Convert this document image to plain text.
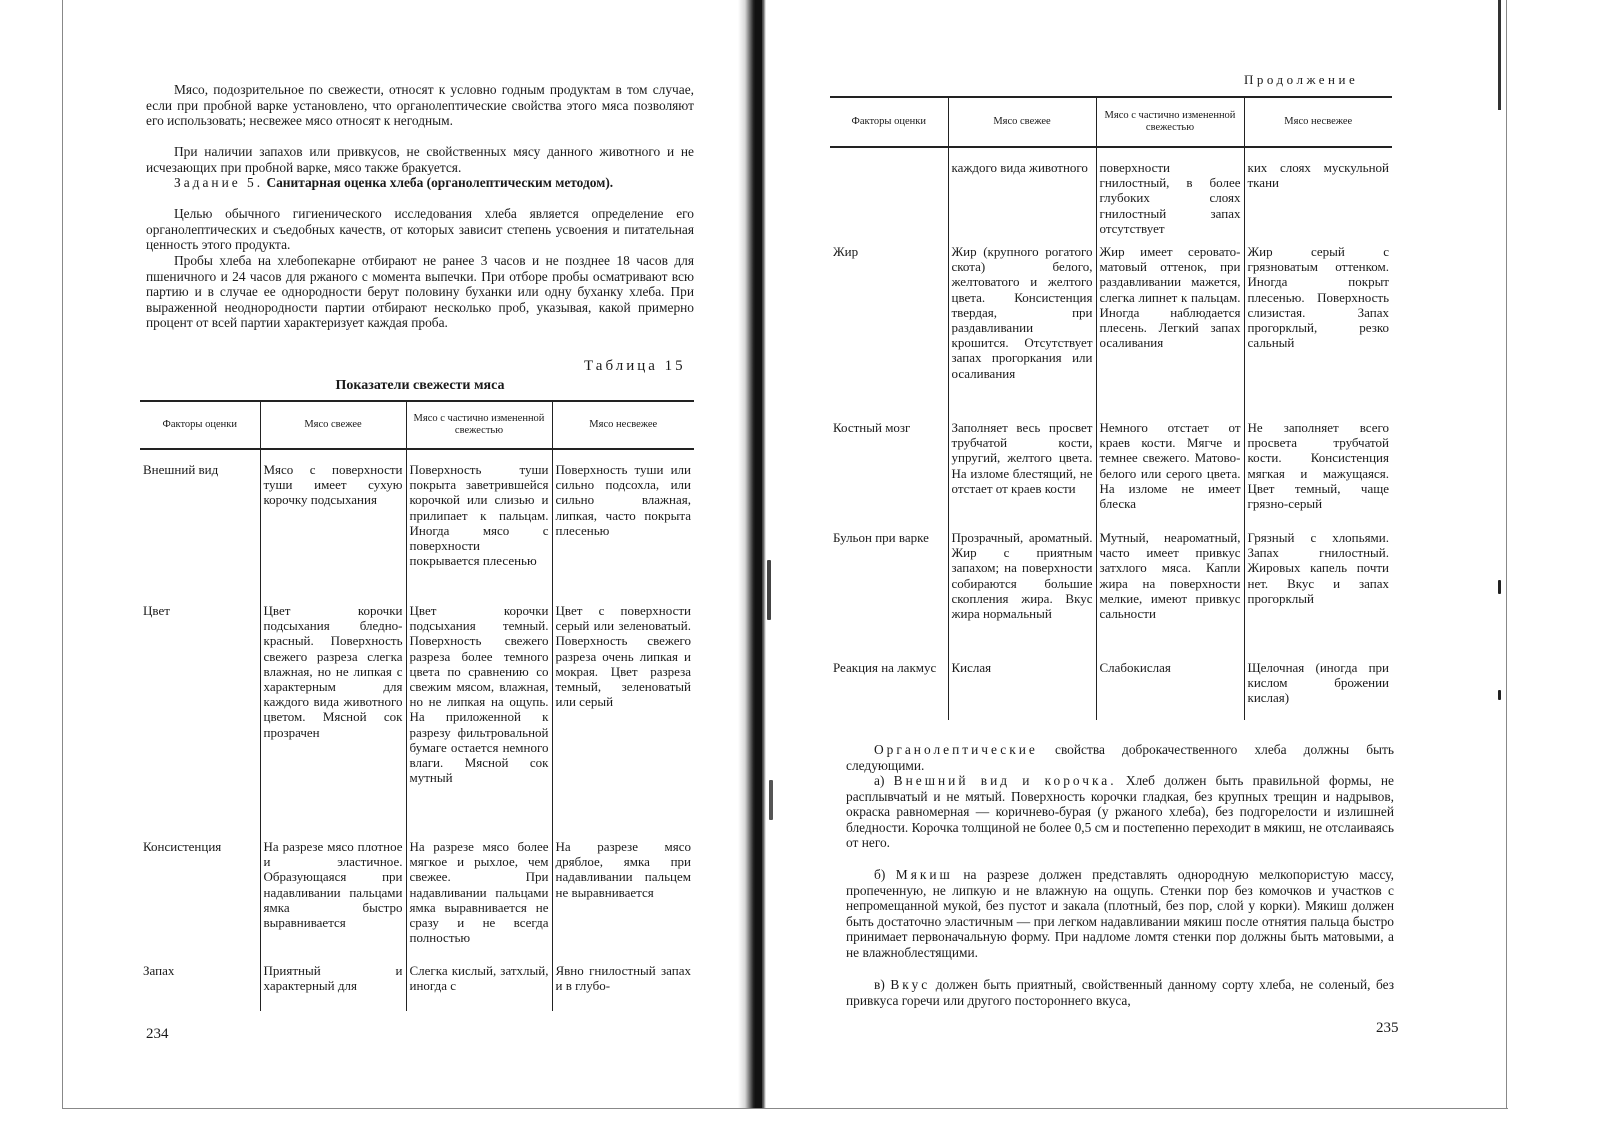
Мясо, подозрительное по свежести, относят к условно годным продуктам в том случае, если при пробной варке установлено, что органолептические свойства этого мяса позволяют его использовать; несвежее мясо относят к негодным.

При наличии запахов или привкусов, не свойственных мясу данного животного и не исчезающих при пробной варке, мясо также бракуется.

Задание 5. Санитарная оценка хлеба (органолептическим методом).

Целью обычного гигиенического исследования хлеба является определение его органолептических и съедобных качеств, от которых зависит степень усвоения и питательная ценность этого продукта.

Пробы хлеба на хлебопекарне отбирают не ранее 3 часов и не позднее 18 часов для пшеничного и 24 часов для ржаного с момента выпечки. При отборе пробы осматривают всю партию и в случае ее однородности берут половину буханки или одну буханку хлеба. При выраженной неоднородности партии отбирают несколько проб, указывая, какой примерно процент от всей партии характеризует каждая проба.

Таблица 15
Показатели свежести мяса
Факторы оценки	Мясо свежее	Мясо с частично измененной свежестью	Мясо несвежее
Внешний вид	Мясо с поверхности туши имеет сухую корочку подсыхания	Поверхность туши покрыта заветрившейся корочкой или слизью и прилипает к пальцам. Иногда мясо с поверхности покрывается плесенью	Поверхность туши или сильно подсохла, или сильно влажная, липкая, часто покрыта плесенью
Цвет	Цвет корочки подсыхания бледно-красный. Поверхность свежего разреза слегка влажная, но не липкая с характерным для каждого вида животного цветом. Мясной сок прозрачен	Цвет корочки подсыхания темный. Поверхность свежего разреза более темного цвета по сравнению со свежим мясом, влажная, но не липкая на ощупь. На приложенной к разрезу фильтровальной бумаге остается немного влаги. Мясной сок мутный	Цвет с поверхности серый или зеленоватый. Поверхность свежего разреза очень липкая и мокрая. Цвет разреза темный, зеленоватый или серый
Консистенция	На разрезе мясо плотное и эластичное. Образующаяся при надавливании пальцами ямка быстро выравнивается	На разрезе мясо более мягкое и рыхлое, чем свежее. При надавливании пальцами ямка выравнивается не сразу и не всегда полностью	На разрезе мясо дряблое, ямка при надавливании пальцем не выравнивается
Запах	Приятный и характерный для	Слегка кислый, затхлый, иногда с	Явно гнилостный запах и в глубо-
234
Продолжение
Факторы оценки	Мясо свежее	Мясо с частично измененной свежестью	Мясо несвежее
	каждого вида животного	поверхности гнилостный, в более глубоких слоях гнилостный запах отсутствует	ких слоях мускульной ткани
Жир	Жир (крупного рогатого скота) белого, желтоватого и желтого цвета. Консистенция твердая, при раздавливании крошится. Отсутствует запах прогоркания или осаливания	Жир имеет серовато-матовый оттенок, при раздавливании мажется, слегка липнет к пальцам. Иногда наблюдается плесень. Легкий запах осаливания	Жир серый с грязноватым оттенком. Иногда покрыт плесенью. Поверхность слизистая. Запах прогорклый, резко сальный
Костный мозг	Заполняет весь просвет трубчатой кости, упругий, желтого цвета. На изломе блестящий, не отстает от краев кости	Немного отстает от краев кости. Мягче и темнее свежего. Матово-белого или серого цвета. На изломе не имеет блеска	Не заполняет всего просвета трубчатой кости. Консистенция мягкая и мажущаяся. Цвет темный, чаще грязно-серый
Бульон при варке	Прозрачный, ароматный. Жир с приятным запахом; на поверхности собираются большие скопления жира. Вкус жира нормальный	Мутный, неароматный, часто имеет привкус затхлого мяса. Капли жира на поверхности мелкие, имеют привкус сальности	Грязный с хлопьями. Запах гнилостный. Жировых капель почти нет. Вкус и запах прогорклый
Реакция на лакмус	Кислая	Слабокислая	Щелочная (иногда при кислом брожении кислая)

Органолептические свойства доброкачественного хлеба должны быть следующими.

а) Внешний вид и корочка. Хлеб должен быть правильной формы, не расплывчатый и не мятый. Поверхность корочки гладкая, без крупных трещин и надрывов, окраска равномерная — коричнево-бурая (у ржаного хлеба), без подгорелости и излишней бледности. Корочка толщиной не более 0,5 см и постепенно переходит в мякиш, не отслаиваясь от него.

б) Мякиш на разрезе должен представлять однородную мелкопористую массу, пропеченную, не липкую и не влажную на ощупь. Стенки пор без комочков и участков с непромещанной мукой, без пустот и закала (плотный, без пор, слой у корки). Мякиш должен быть достаточно эластичным — при легком надавливании мякиш после отнятия пальца быстро принимает первоначальную форму. При надломе ломтя стенки пор должны быть матовыми, а не влажноблестящими.

в) Вкус должен быть приятный, свойственный данному сорту хлеба, не соленый, без привкуса горечи или другого постороннего вкуса,

235
